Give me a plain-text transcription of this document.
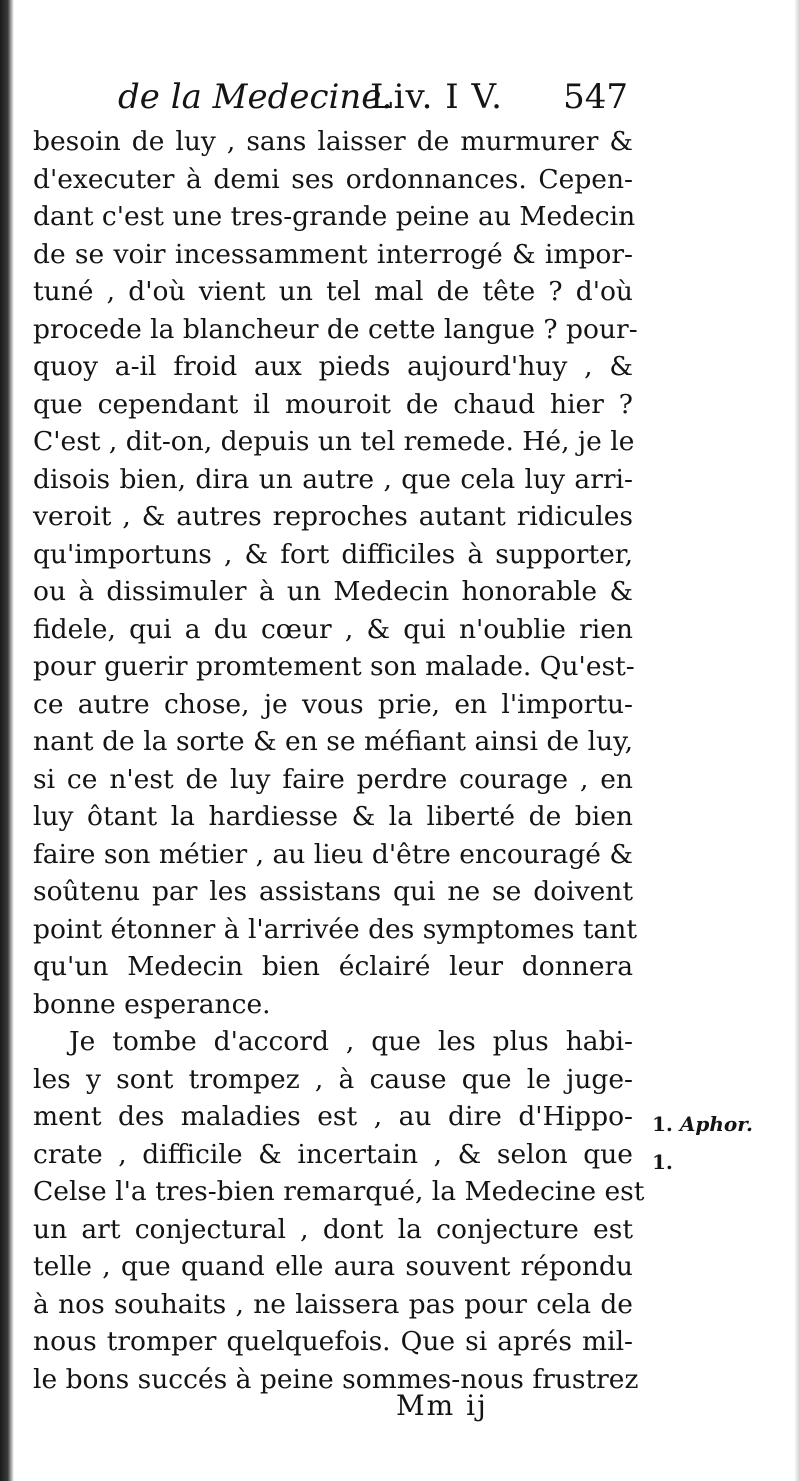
de la Medecine.
Liv. I V. 547
besoin de luy , sans laisser de murmurer &
d'executer à demi ses ordonnances. Cepen-
dant c'est une tres-grande peine au Medecin
de se voir incessamment interrogé & impor-
tuné , d'où vient un tel mal de tête ? d'où
procede la blancheur de cette langue ? pour-
quoy a-il froid aux pieds aujourd'huy , &
que cependant il mouroit de chaud hier ?
C'est , dit-on, depuis un tel remede. Hé, je le
disois bien, dira un autre , que cela luy arri-
veroit , & autres reproches autant ridicules
qu'importuns , & fort difficiles à supporter,
ou à dissimuler à un Medecin honorable &
fidele, qui a du cœur , & qui n'oublie rien
pour guerir promtement son malade. Qu'est-
ce autre chose, je vous prie, en l'importu-
nant de la sorte & en se méfiant ainsi de luy,
si ce n'est de luy faire perdre courage , en
luy ôtant la hardiesse & la liberté de bien
faire son métier , au lieu d'être encouragé &
soûtenu par les assistans qui ne se doivent
point étonner à l'arrivée des symptomes tant
qu'un Medecin bien éclairé leur donnera
bonne esperance.
Je tombe d'accord , que les plus habi-
les y sont trompez , à cause que le juge-
ment des maladies est , au dire d'Hippo-
crate , difficile & incertain , & selon que
Celse l'a tres-bien remarqué, la Medecine est
un art conjectural , dont la conjecture est
telle , que quand elle aura souvent répondu
à nos souhaits , ne laissera pas pour cela de
nous tromper quelquefois. Que si aprés mil-
le bons succés à peine sommes-nous frustrez
1. Aphor.
1.
Mm ij
